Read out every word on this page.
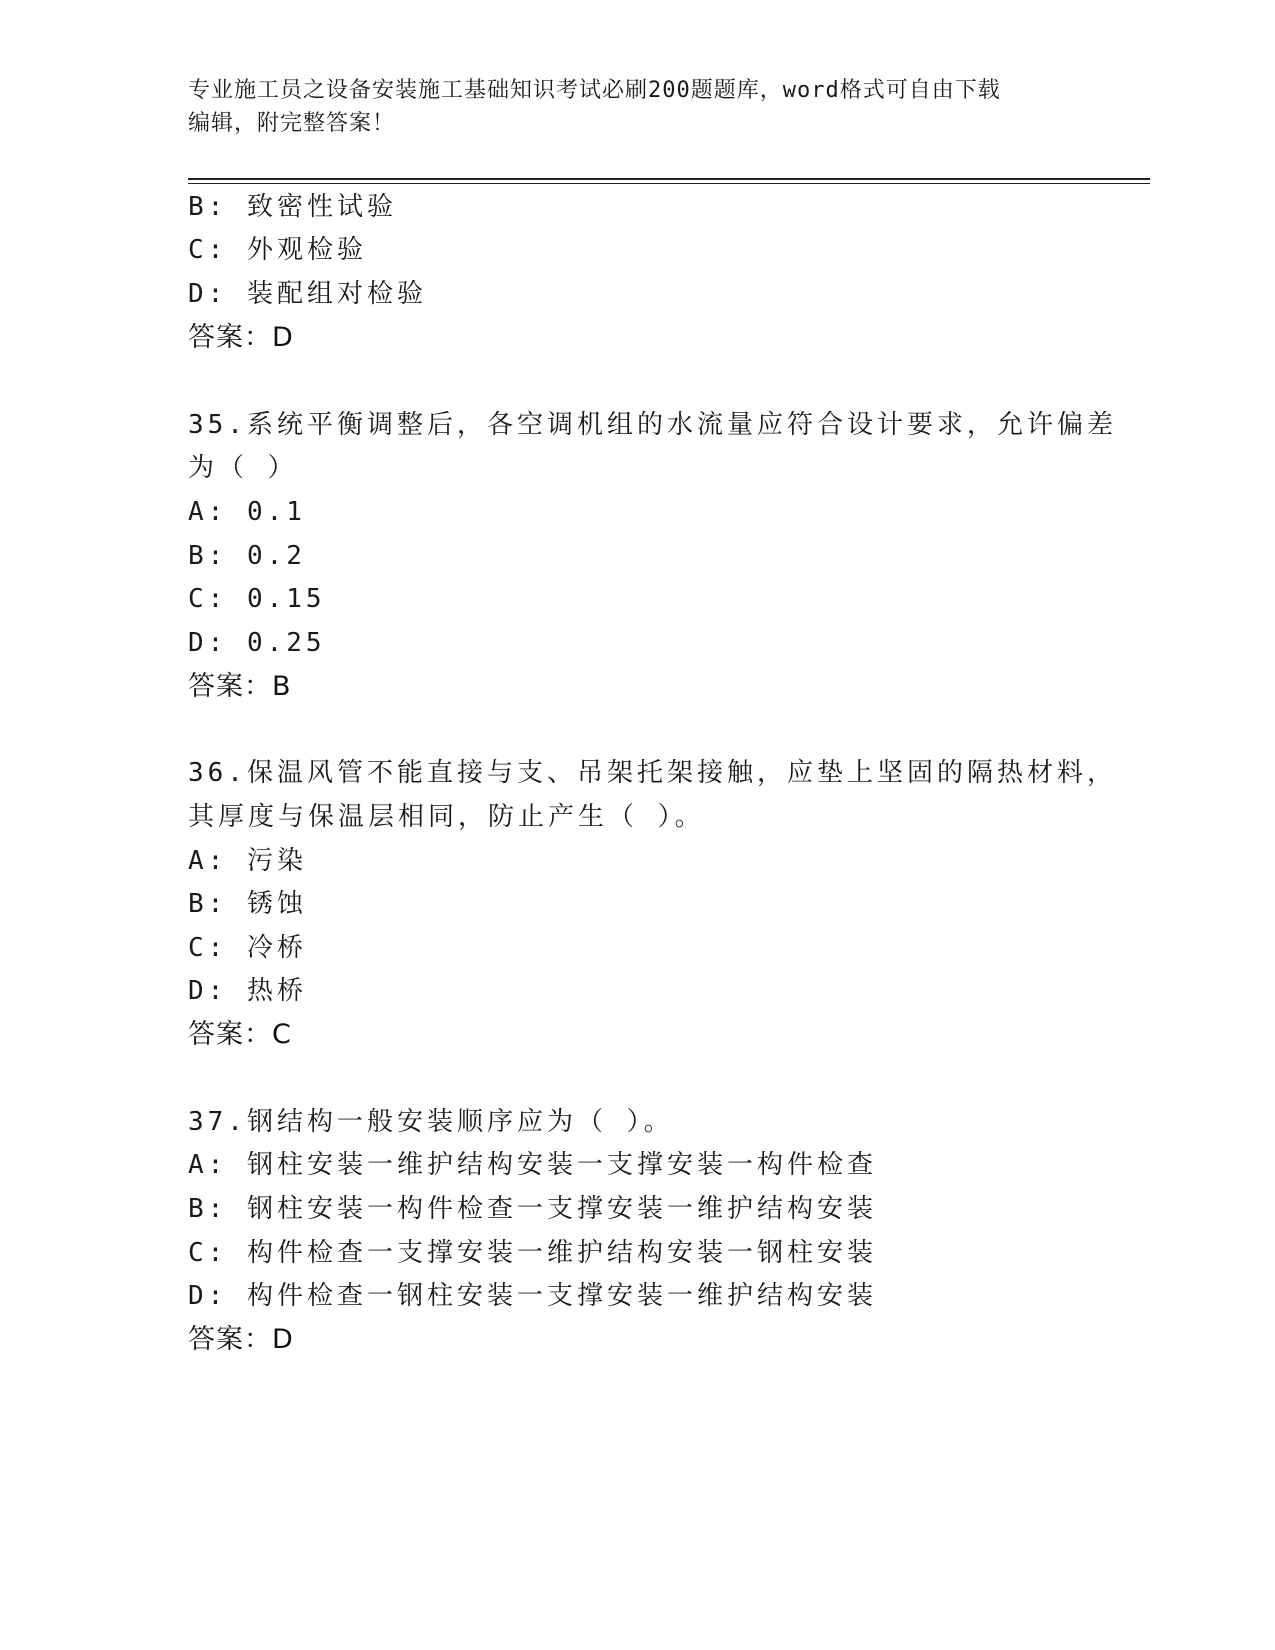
专业施工员之设备安装施工基础知识考试必刷200题题库，word格式可自由下载
编辑，附完整答案！
B: 致密性试验
C: 外观检验
D: 装配组对检验
答案：D
35.系统平衡调整后，各空调机组的水流量应符合设计要求，允许偏差
为（ ）
A: 0.1
B: 0.2
C: 0.15
D: 0.25
答案：B
36.保温风管不能直接与支、吊架托架接触，应垫上坚固的隔热材料，
其厚度与保温层相同，防止产生（ ）。
A: 污染
B: 锈蚀
C: 冷桥
D: 热桥
答案：C
37.钢结构一般安装顺序应为（ ）。
A: 钢柱安装一维护结构安装一支撑安装一构件检查
B: 钢柱安装一构件检查一支撑安装一维护结构安装
C: 构件检查一支撑安装一维护结构安装一钢柱安装
D: 构件检查一钢柱安装一支撑安装一维护结构安装
答案：D
